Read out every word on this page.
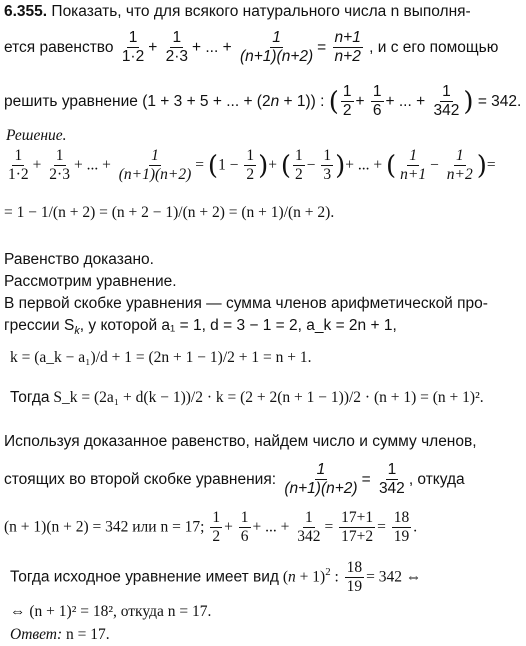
6.355. Показать, что для всякого натурального числа n выполня-
ется равенство $\frac{1}{1\cdot 2} + \frac{1}{2\cdot 3}$ + ... + $\frac{1}{(n+1)(n+2)} = \frac{n+1}{n+2}$ , и с его помощью
решить уравнение (1 + 3 + 5 + ... + (2n + 1)) : ( $\frac{1}{2} + \frac{1}{6}$ + ... + $\frac{1}{342}$ ) = 342.
Решение.
$\frac{1}{1\cdot 2} + \frac{1}{2\cdot 3}$ + ... + $\frac{1}{(n+1)(n+2)} = (1 - \frac{1}{2}$ )+ ( $\frac{1}{2} - \frac{1}{3}$ )+ ... + ( $\frac{1}{n+1} - \frac{1}{n+2}$ )=
= 1 − 1/(n + 2) = (n + 2 − 1)/(n + 2) = (n + 1)/(n + 2).
Равенство доказано.
Рассмотрим уравнение.
В первой скобке уравнения — сумма членов арифметической про-
грессии $S_k$, у которой a₁ = 1, d = 3 − 1 = 2, a_k = 2n + 1,
k = (a_k − a₁)/d + 1 = (2n + 1 − 1)/2 + 1 = n + 1.
Тогда S_k = (2a₁ + d(k − 1))/2 · k = (2 + 2(n + 1 − 1))/2 · (n + 1) = (n + 1)².
Используя доказанное равенство, найдем число и сумму членов,
стоящих во второй скобке уравнения: $\frac{1}{(n+1)(n+2)} = \frac{1}{342}$ , откуда
(n + 1)(n + 2) = 342 или n = 17; $\frac{1}{2} + \frac{1}{6}$ + ... + $\frac{1}{342} = \frac{17+1}{17+2} = \frac{18}{19}$ .
Тогда исходное уравнение имеет вид $(n + 1)^2$ : $\frac{18}{19} = 342$ ⇔
⇔ (n + 1)² = 18², откуда n = 17.
Ответ: n = 17.
